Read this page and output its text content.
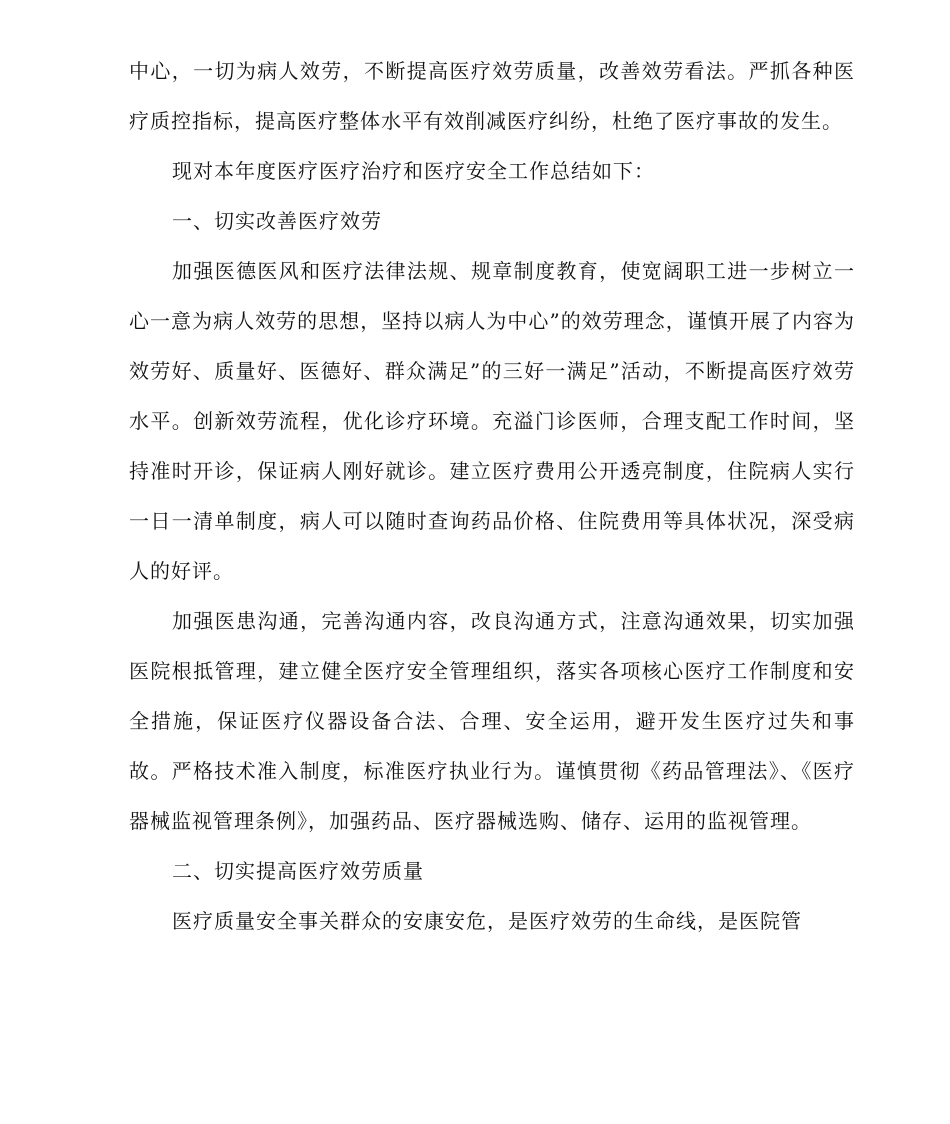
中心，一切为病人效劳，不断提高医疗效劳质量，改善效劳看法。严抓各种医疗质控指标，提高医疗整体水平有效削减医疗纠纷，杜绝了医疗事故的发生。

现对本年度医疗医疗治疗和医疗安全工作总结如下：

一、切实改善医疗效劳

加强医德医风和医疗法律法规、规章制度教育，使宽阔职工进一步树立一心一意为病人效劳的思想，坚持以病人为中心”的效劳理念，谨慎开展了内容为效劳好、质量好、医德好、群众满足”的三好一满足”活动，不断提高医疗效劳水平。创新效劳流程，优化诊疗环境。充溢门诊医师，合理支配工作时间，坚持准时开诊，保证病人刚好就诊。建立医疗费用公开透亮制度，住院病人实行一日一清单制度，病人可以随时查询药品价格、住院费用等具体状况，深受病人的好评。

加强医患沟通，完善沟通内容，改良沟通方式，注意沟通效果，切实加强医院根抵管理，建立健全医疗安全管理组织，落实各项核心医疗工作制度和安全措施，保证医疗仪器设备合法、合理、安全运用，避开发生医疗过失和事故。严格技术准入制度，标准医疗执业行为。谨慎贯彻《药品管理法》、《医疗器械监视管理条例》，加强药品、医疗器械选购、储存、运用的监视管理。

二、切实提高医疗效劳质量

医疗质量安全事关群众的安康安危，是医疗效劳的生命线，是医院管
